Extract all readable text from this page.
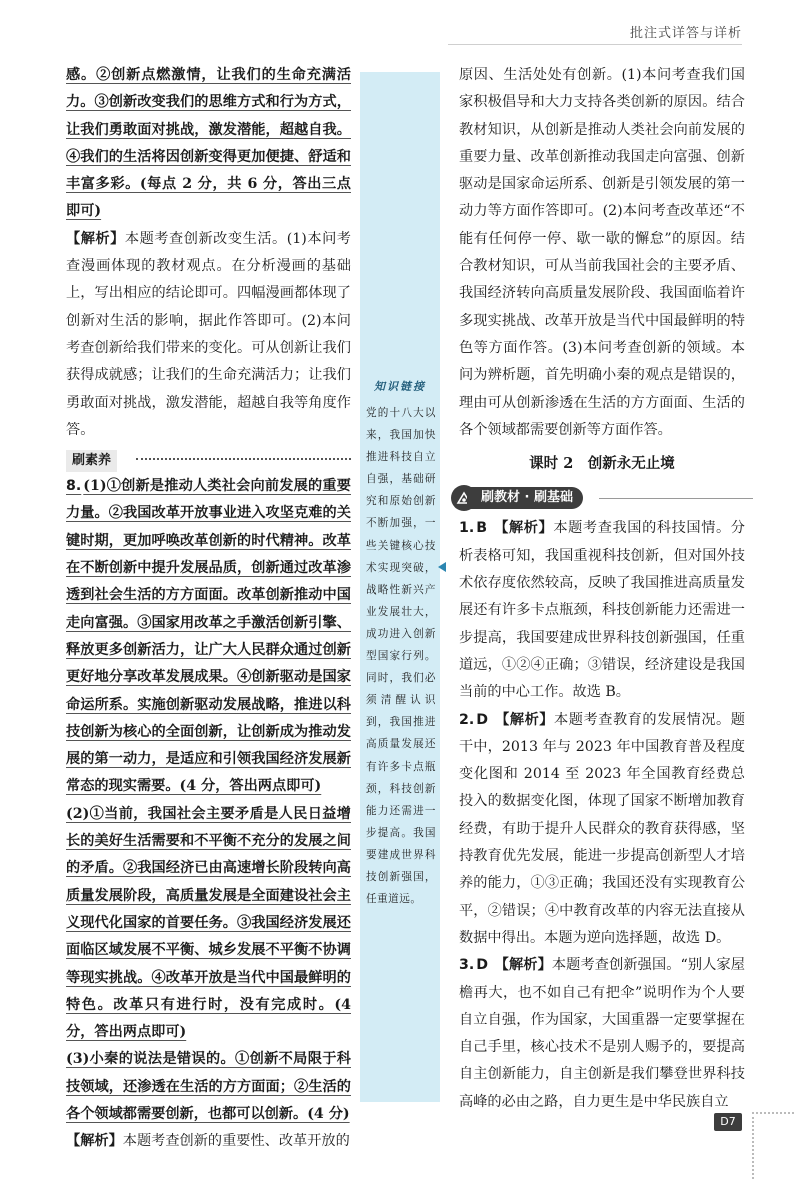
批注式详答与详析

感。②创新点燃激情，让我们的生命充满活力。③创新改变我们的思维方式和行为方式，让我们勇敢面对挑战，激发潜能，超越自我。④我们的生活将因创新变得更加便捷、舒适和丰富多彩。(每点 2 分，共 6 分，答出三点即可)

【解析】本题考查创新改变生活。(1)本问考查漫画体现的教材观点。在分析漫画的基础上，写出相应的结论即可。四幅漫画都体现了创新对生活的影响，据此作答即可。(2)本问考查创新给我们带来的变化。可从创新让我们获得成就感；让我们的生命充满活力；让我们勇敢面对挑战，激发潜能，超越自我等角度作答。

刷素养

8. (1)①创新是推动人类社会向前发展的重要力量。②我国改革开放事业进入攻坚克难的关键时期，更加呼唤改革创新的时代精神。改革在不断创新中提升发展品质，创新通过改革渗透到社会生活的方方面面。改革创新推动中国走向富强。③国家用改革之手激活创新引擎、释放更多创新活力，让广大人民群众通过创新更好地分享改革发展成果。④创新驱动是国家命运所系。实施创新驱动发展战略，推进以科技创新为核心的全面创新，让创新成为推动发展的第一动力，是适应和引领我国经济发展新常态的现实需要。(4 分，答出两点即可)

(2)①当前，我国社会主要矛盾是人民日益增长的美好生活需要和不平衡不充分的发展之间的矛盾。②我国经济已由高速增长阶段转向高质量发展阶段，高质量发展是全面建设社会主义现代化国家的首要任务。③我国经济发展还面临区域发展不平衡、城乡发展不平衡不协调等现实挑战。④改革开放是当代中国最鲜明的特色。改革只有进行时，没有完成时。(4 分，答出两点即可)

(3)小秦的说法是错误的。①创新不局限于科技领域，还渗透在生活的方方面面；②生活的各个领域都需要创新，也都可以创新。(4 分)

【解析】本题考查创新的重要性、改革开放的

知识链接
党的十八大以来，我国加快推进科技自立自强，基础研究和原始创新不断加强，一些关键核心技术实现突破，战略性新兴产业发展壮大，成功进入创新型国家行列。同时，我们必须清醒认识到，我国推进高质量发展还有许多卡点瓶颈，科技创新能力还需进一步提高。我国要建成世界科技创新强国，任重道远。

原因、生活处处有创新。(1)本问考查我们国家积极倡导和大力支持各类创新的原因。结合教材知识，从创新是推动人类社会向前发展的重要力量、改革创新推动我国走向富强、创新驱动是国家命运所系、创新是引领发展的第一动力等方面作答即可。(2)本问考查改革还“不能有任何停一停、歇一歇的懈怠”的原因。结合教材知识，可从当前我国社会的主要矛盾、我国经济转向高质量发展阶段、我国面临着许多现实挑战、改革开放是当代中国最鲜明的特色等方面作答。(3)本问考查创新的领域。本问为辨析题，首先明确小秦的观点是错误的，理由可从创新渗透在生活的方方面面、生活的各个领域都需要创新等方面作答。

课时 2　创新永无止境
刷教材 · 刷基础

1. B 【解析】本题考查我国的科技国情。分析表格可知，我国重视科技创新，但对国外技术依存度依然较高，反映了我国推进高质量发展还有许多卡点瓶颈，科技创新能力还需进一步提高，我国要建成世界科技创新强国，任重道远，①②④正确；③错误，经济建设是我国当前的中心工作。故选 B。

2. D 【解析】本题考查教育的发展情况。题干中，2013 年与 2023 年中国教育普及程度变化图和 2014 至 2023 年全国教育经费总投入的数据变化图，体现了国家不断增加教育经费，有助于提升人民群众的教育获得感，坚持教育优先发展，能进一步提高创新型人才培养的能力，①③正确；我国还没有实现教育公平，②错误；④中教育改革的内容无法直接从数据中得出。本题为逆向选择题，故选 D。

3. D 【解析】本题考查创新强国。“别人家屋檐再大，也不如自己有把伞”说明作为个人要自立自强，作为国家，大国重器一定要掌握在自己手里，核心技术不是别人赐予的，要提高自主创新能力，自主创新是我们攀登世界科技高峰的必由之路，自力更生是中华民族自立

D7
